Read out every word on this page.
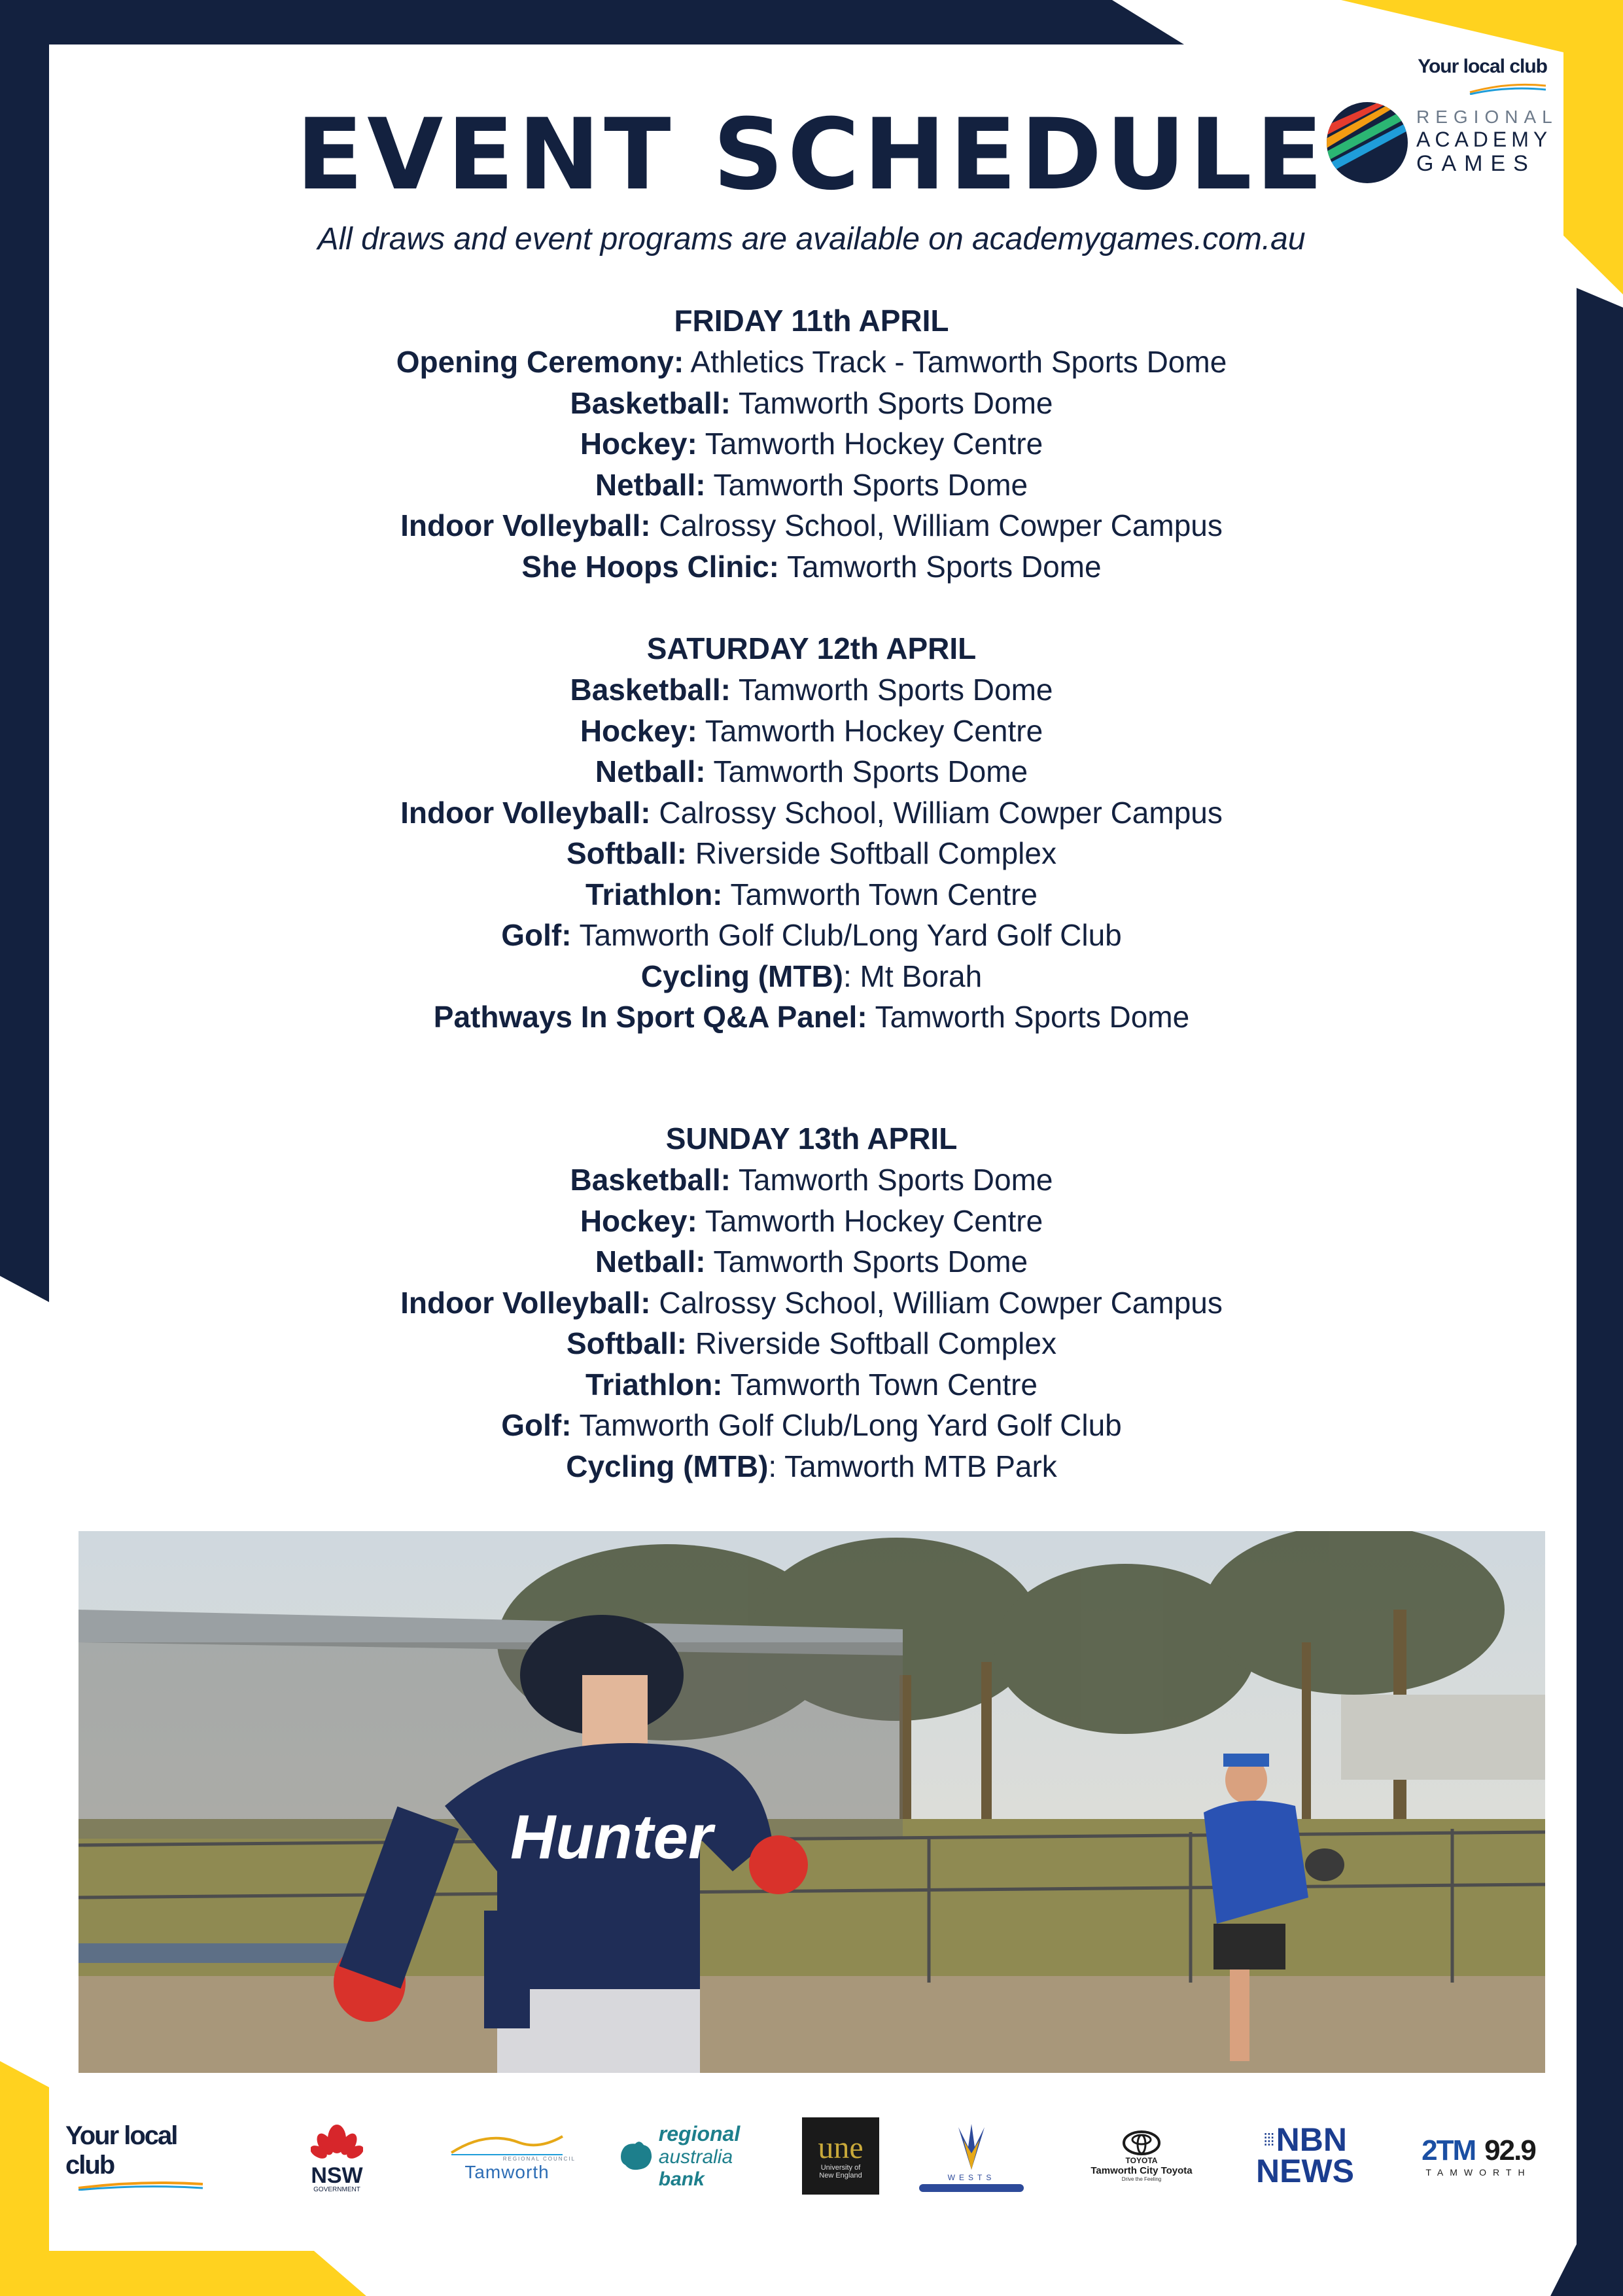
Your local club
REGIONAL
ACADEMY
GAMES
EVENT SCHEDULE
All draws and event programs are available on academygames.com.au
FRIDAY 11th APRIL
Opening Ceremony: Athletics Track - Tamworth Sports Dome
Basketball: Tamworth Sports Dome
Hockey: Tamworth Hockey Centre
Netball: Tamworth Sports Dome
Indoor Volleyball: Calrossy School, William Cowper Campus
She Hoops Clinic: Tamworth Sports Dome
SATURDAY 12th APRIL
Basketball: Tamworth Sports Dome
Hockey: Tamworth Hockey Centre
Netball: Tamworth Sports Dome
Indoor Volleyball: Calrossy School, William Cowper Campus
Softball: Riverside Softball Complex
Triathlon: Tamworth Town Centre
Golf: Tamworth Golf Club/Long Yard Golf Club
Cycling (MTB): Mt Borah
Pathways In Sport Q&A Panel: Tamworth Sports Dome
SUNDAY 13th APRIL
Basketball: Tamworth Sports Dome
Hockey: Tamworth Hockey Centre
Netball: Tamworth Sports Dome
Indoor Volleyball: Calrossy School, William Cowper Campus
Softball: Riverside Softball Complex
Triathlon: Tamworth Town Centre
Golf: Tamworth Golf Club/Long Yard Golf Club
Cycling (MTB): Tamworth MTB Park
Hunter
Your local club	NSW
GOVERNMENT
REGIONAL COUNCIL
Tamworth
regional
australia bank
une
University of
New England	WESTS
TOYOTA
Tamworth City Toyota
Drive the Feeling
⁞⁞⁞ NBN
NEWS
2TM 92.9
TAMWORTH
